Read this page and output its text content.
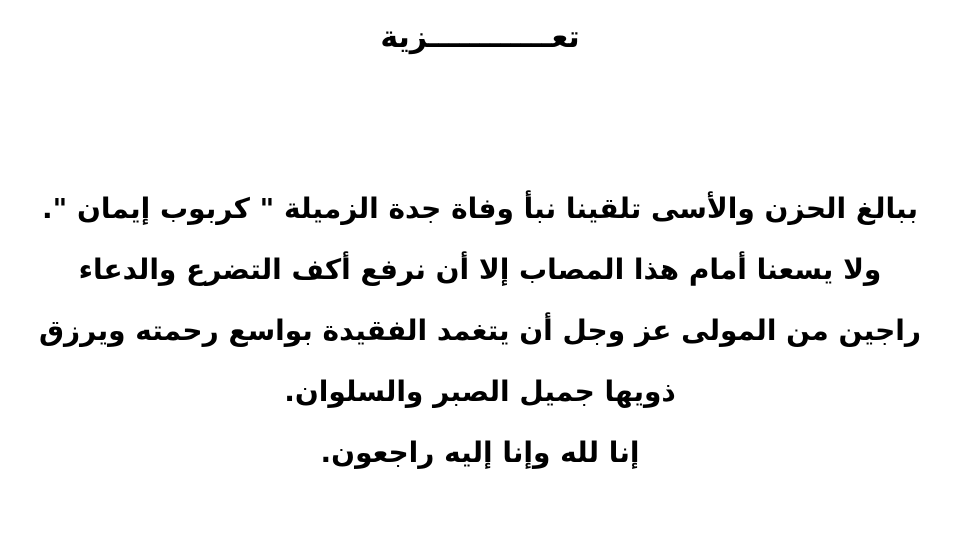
تعــــــــــــزية
ببالغ الحزن والأسى تلقينا نبأ وفاة جدة الزميلة " كربوب إيمان ".
ولا يسعنا أمام هذا المصاب إلا أن نرفع أكف التضرع والدعاء
راجين من المولى عز وجل أن يتغمد الفقيدة بواسع رحمته ويرزق
ذويها جميل الصبر والسلوان.
إنا لله وإنا إليه راجعون.
